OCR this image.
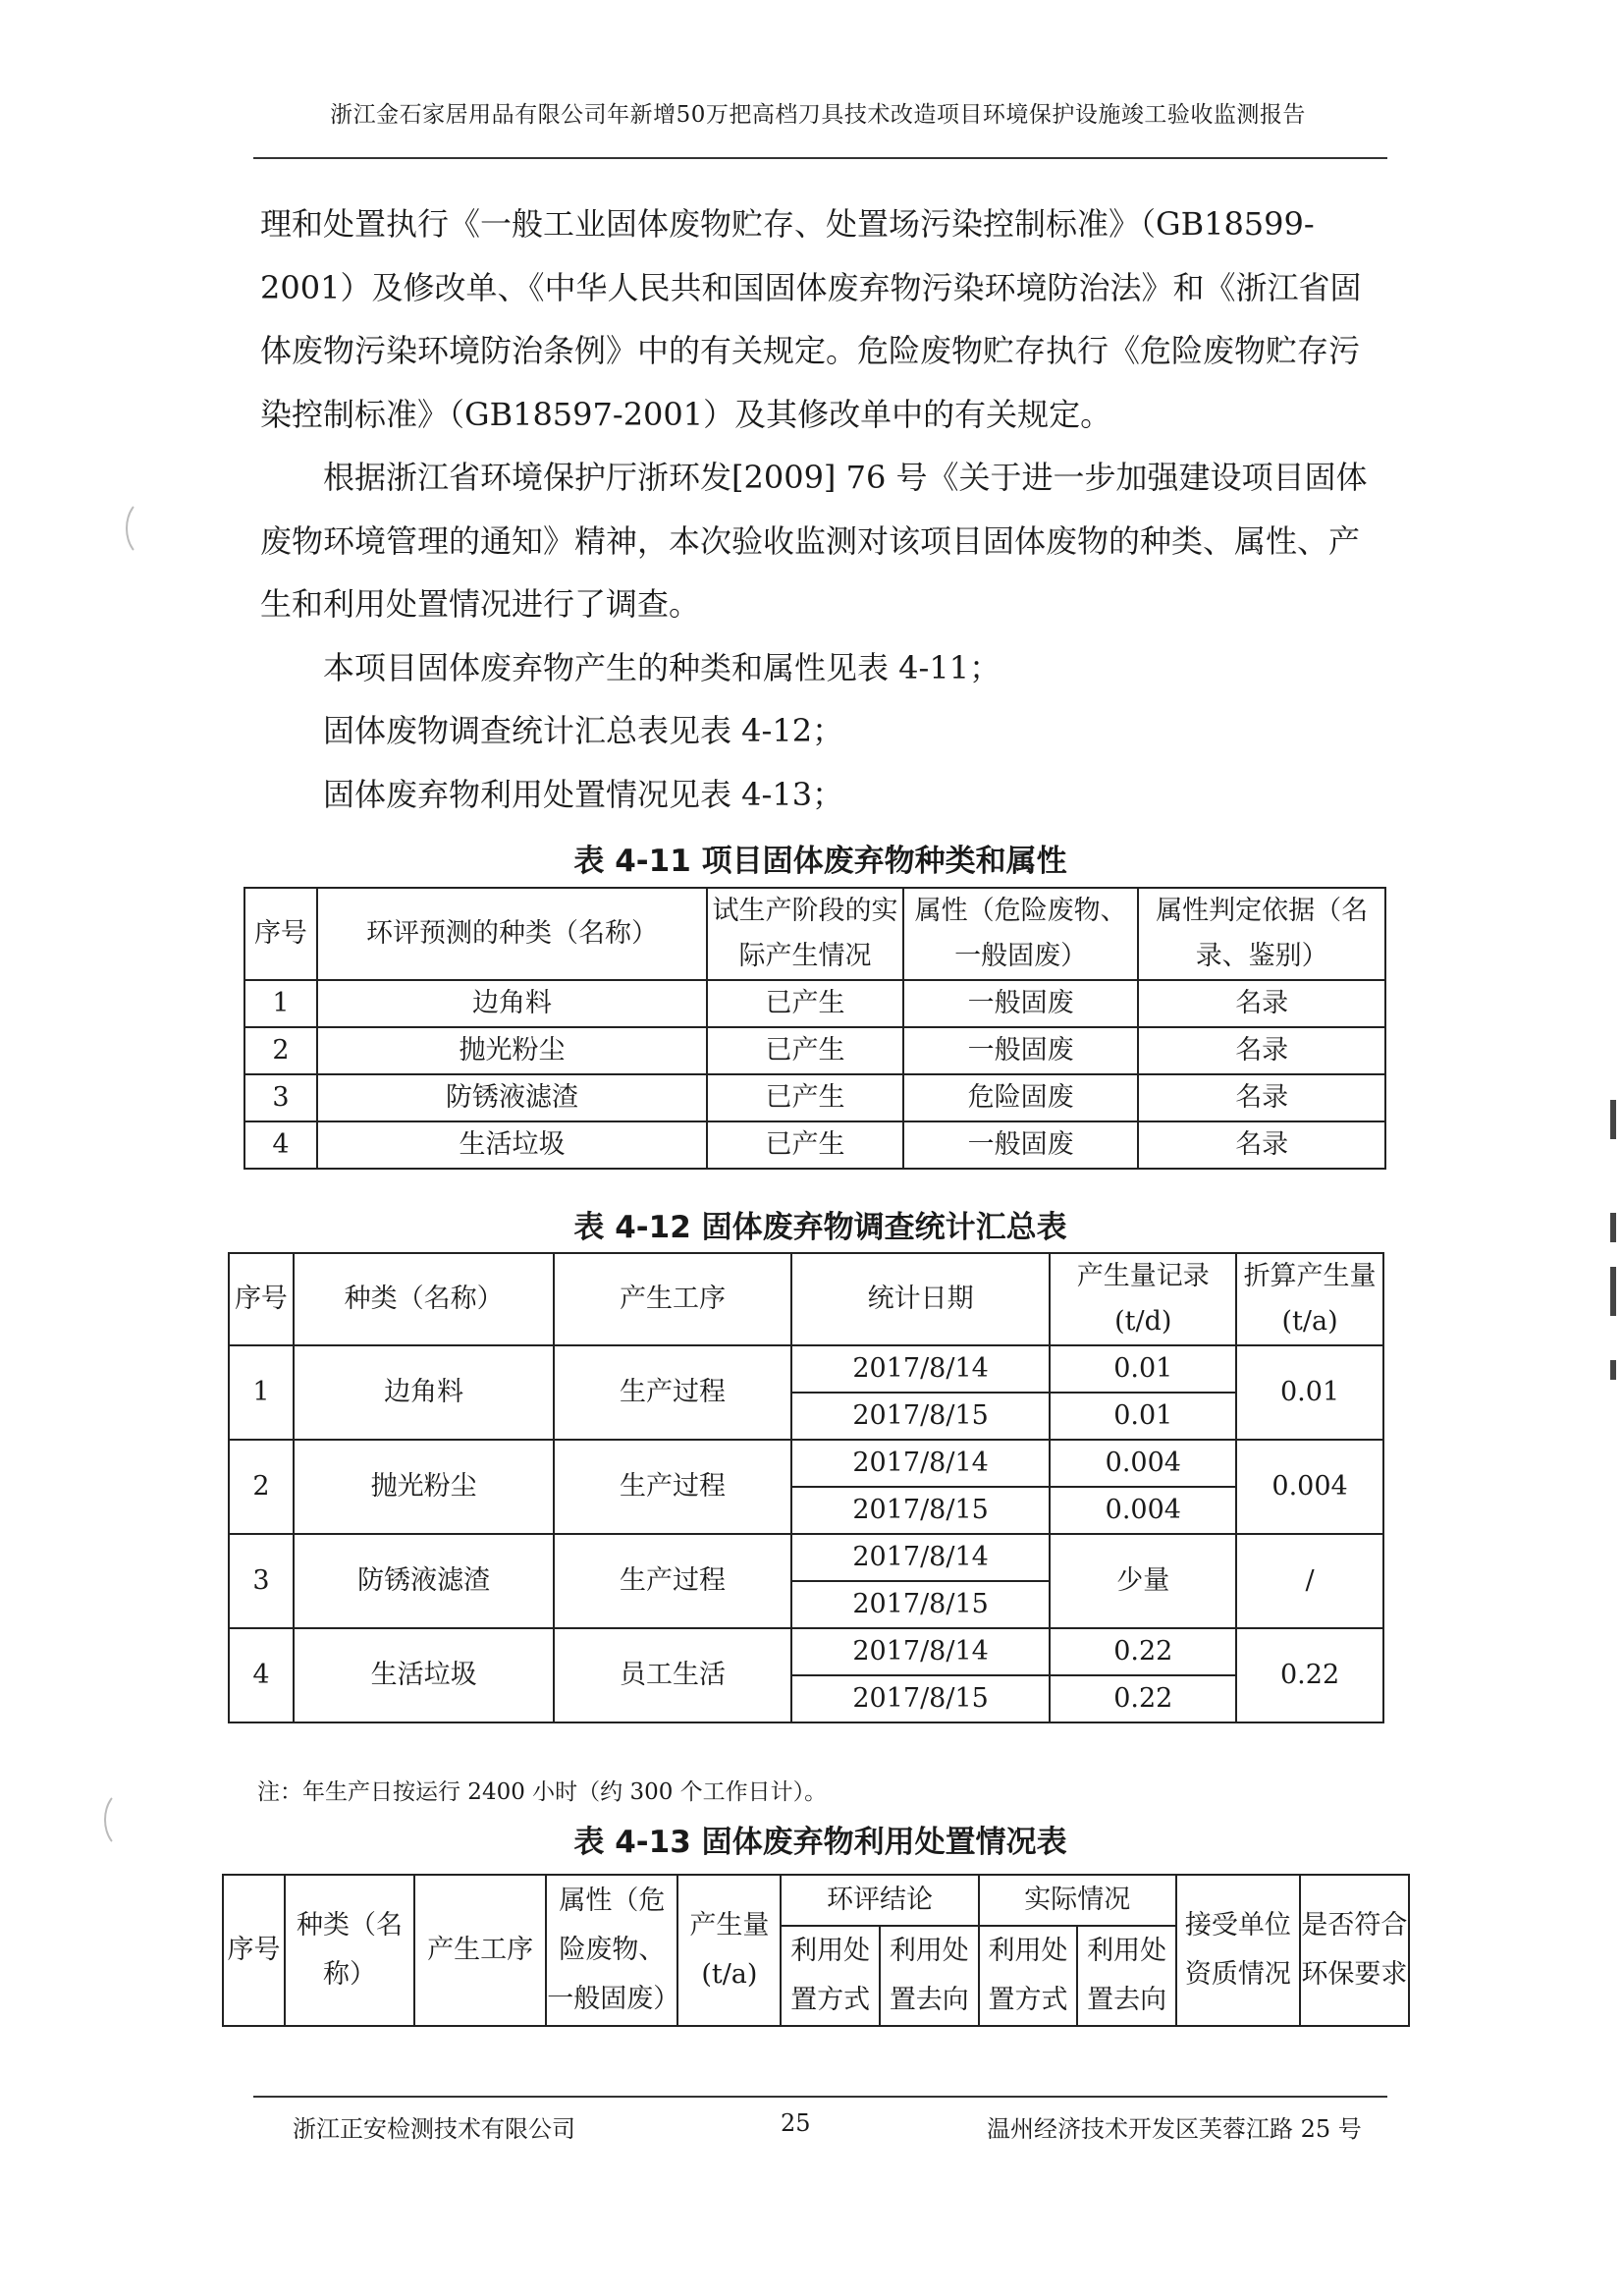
浙江金石家居用品有限公司年新增50万把高档刀具技术改造项目环境保护设施竣工验收监测报告

理和处置执行《一般工业固体废物贮存、处置场污染控制标准》（GB18599-2001）及修改单、《中华人民共和国固体废弃物污染环境防治法》和《浙江省固体废物污染环境防治条例》中的有关规定。危险废物贮存执行《危险废物贮存污染控制标准》（GB18597-2001）及其修改单中的有关规定。

根据浙江省环境保护厅浙环发[2009] 76 号《关于进一步加强建设项目固体废物环境管理的通知》精神，本次验收监测对该项目固体废物的种类、属性、产生和利用处置情况进行了调查。

本项目固体废弃物产生的种类和属性见表 4-11；

固体废物调查统计汇总表见表 4-12；

固体废弃物利用处置情况见表 4-13；

表 4-11 项目固体废弃物种类和属性
序号	环评预测的种类（名称）	试生产阶段的实际产生情况	属性（危险废物、一般固废）	属性判定依据（名录、鉴别）
1	边角料	已产生	一般固废	名录
2	抛光粉尘	已产生	一般固废	名录
3	防锈液滤渣	已产生	危险固废	名录
4	生活垃圾	已产生	一般固废	名录
表 4-12 固体废弃物调查统计汇总表
序号	种类（名称）	产生工序	统计日期	产生量记录(t/d)	折算产生量(t/a)
1	边角料	生产过程	2017/8/14	0.01	0.01
			2017/8/15	0.01	
2	抛光粉尘	生产过程	2017/8/14	0.004	0.004
			2017/8/15	0.004	
3	防锈液滤渣	生产过程	2017/8/14	少量	/
			2017/8/15		
4	生活垃圾	员工生活	2017/8/14	0.22	0.22
			2017/8/15	0.22	
注：年生产日按运行 2400 小时（约 300 个工作日计）。
表 4-13 固体废弃物利用处置情况表
序号	种类（名称）	产生工序	属性（危险废物、一般固废）	产生量(t/a)	环评结论		实际情况		接受单位资质情况	是否符合环保要求
					利用处置方式	利用处置去向	利用处置方式	利用处置去向		
浙江正安检测技术有限公司	25	温州经济技术开发区芙蓉江路 25 号
